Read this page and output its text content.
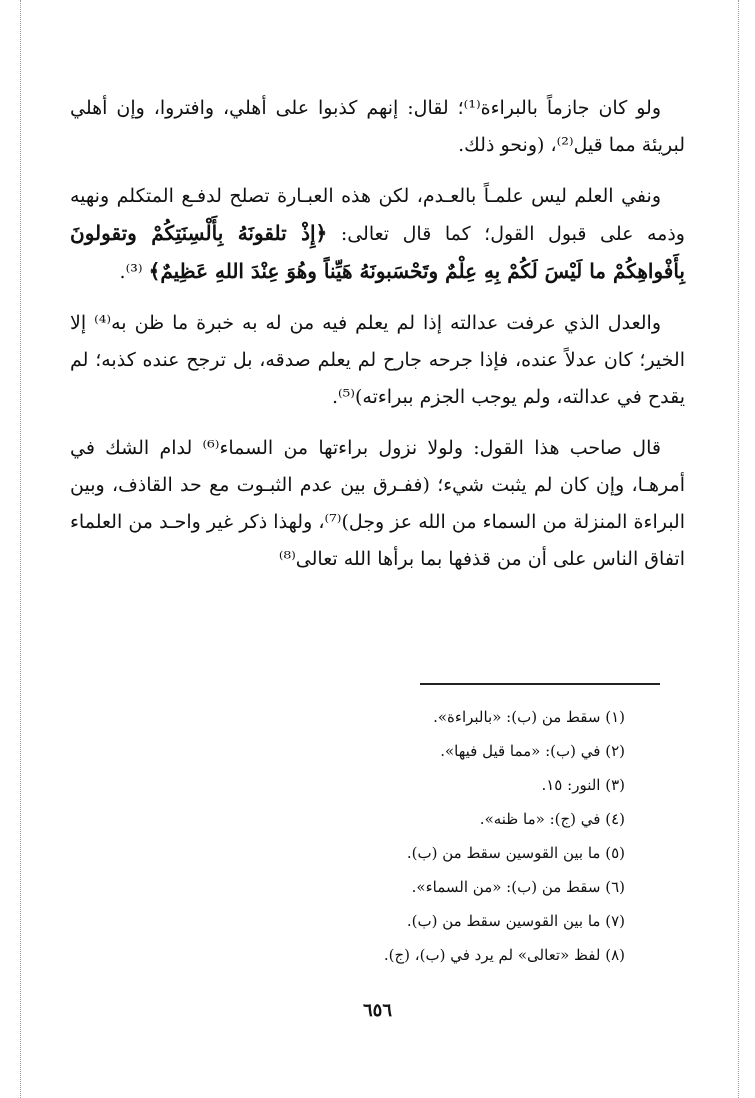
ولو كان جازماً بالبراءة⁽¹⁾؛ لقال: إنهم كذبوا على أهلي، وافتروا، وإن أهلي لبريئة مما قيل⁽²⁾، (ونحو ذلك.

ونفي العلم ليس علمـاً بالعـدم، لكن هذه العبـارة تصلح لدفـع المتكلم ونهيه وذمه على قبول القول؛ كما قال تعالى: ﴿إِذْ تلقونَهُ بِأَلْسِنَتِكُمْ وتقولونَ بِأَفْواهِكُمْ ما لَيْسَ لَكُمْ بِهِ عِلْمٌ وتَحْسَبونَهُ هَيِّناً وهُوَ عِنْدَ اللهِ عَظِيمٌ﴾ ⁽³⁾.

والعدل الذي عرفت عدالته إذا لم يعلم فيه من له به خبرة ما ظن به⁽⁴⁾ إلا الخير؛ كان عدلاً عنده، فإذا جرحه جارح لم يعلم صدقه، بل ترجح عنده كذبه؛ لم يقدح في عدالته، ولم يوجب الجزم ببراءته)⁽⁵⁾.

قال صاحب هذا القول: ولولا نزول براءتها من السماء⁽⁶⁾ لدام الشك في أمرهـا، وإن كان لم يثبت شيء؛ (ففـرق بين عدم الثبـوت مع حد القاذف، وبين البراءة المنزلة من السماء من الله عز وجل)⁽⁷⁾، ولهذا ذكر غير واحـد من العلماء اتفاق الناس على أن من قذفها بما برأها الله تعالى⁽⁸⁾

(١) سقط من (ب): «بالبراءة».
(٢) في (ب): «مما قيل فيها».
(٣) النور: ١٥.
(٤) في (ج): «ما ظنه».
(٥) ما بين القوسين سقط من (ب).
(٦) سقط من (ب): «من السماء».
(٧) ما بين القوسين سقط من (ب).
(٨) لفظ «تعالى» لم يرد في (ب)، (ج).
٦٥٦
